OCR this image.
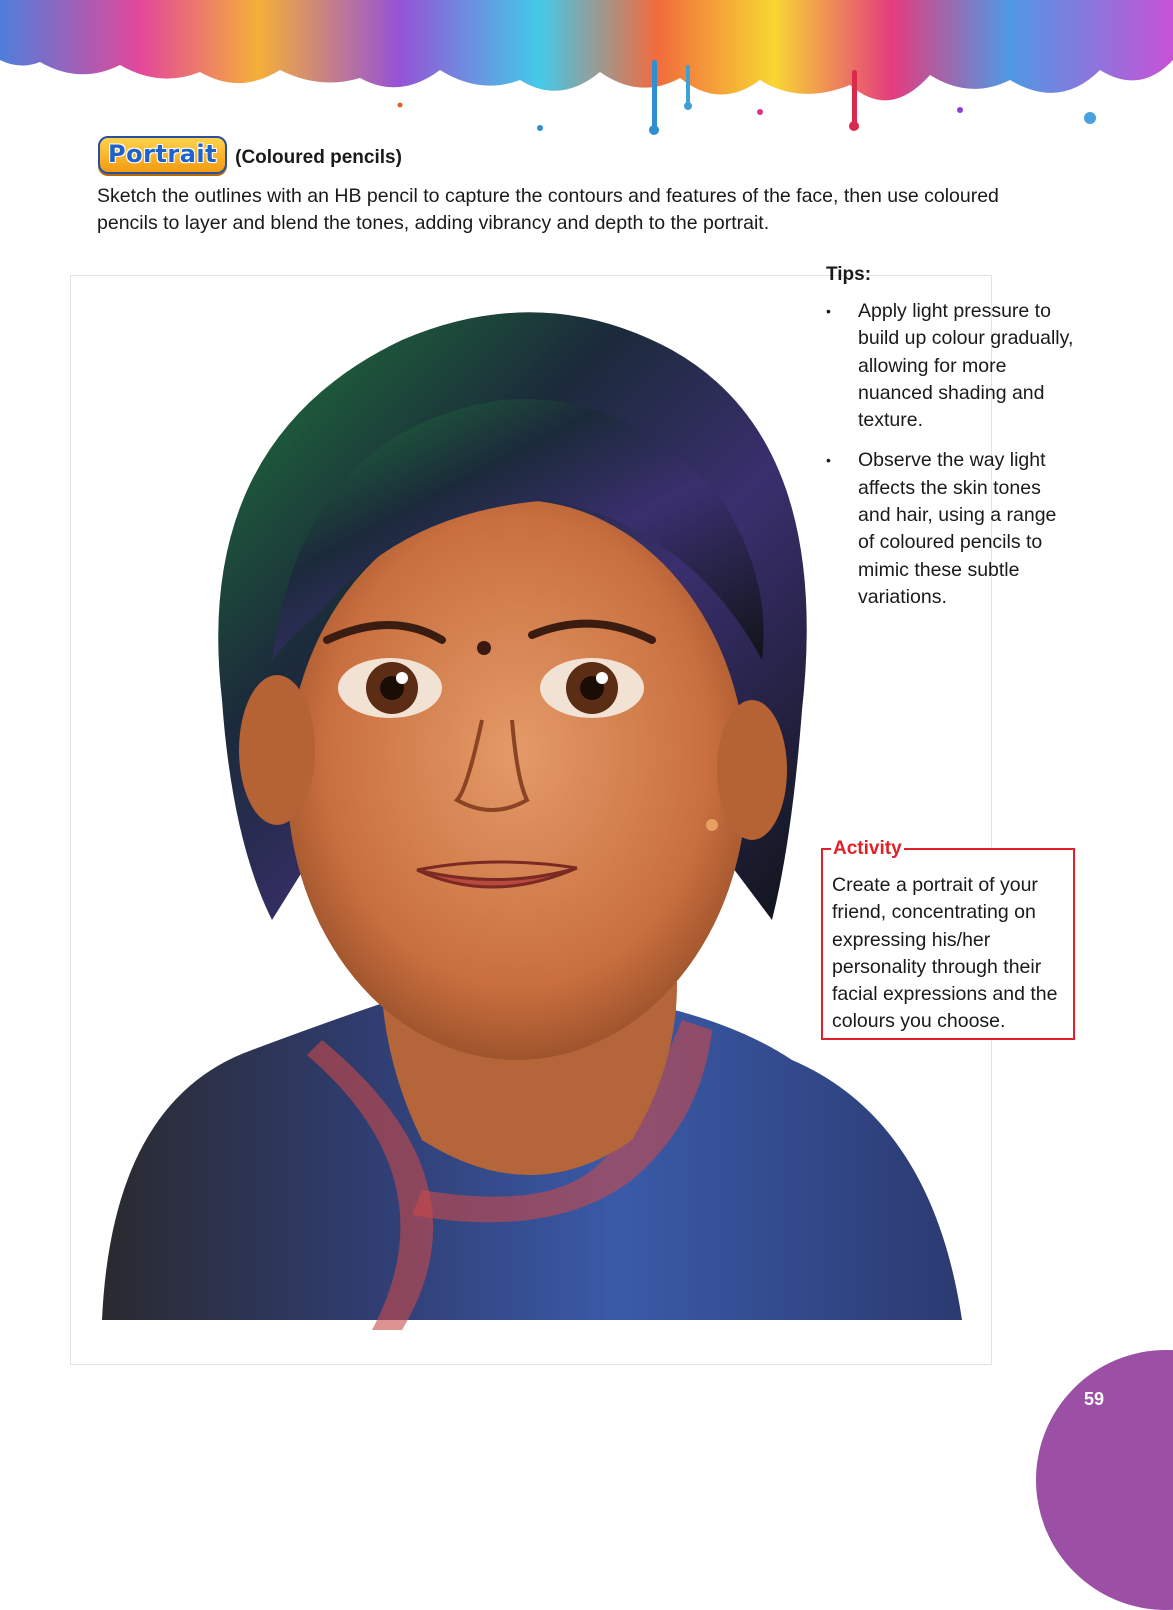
Portrait (Coloured pencils)

Sketch the outlines with an HB pencil to capture the contours and features of the face, then use coloured pencils to layer and blend the tones, adding vibrancy and depth to the portrait.

Tips:
• Apply light pressure to build up colour gradually, allowing for more nuanced shading and texture.
• Observe the way light affects the skin tones and hair, using a range of coloured pencils to mimic these subtle variations.
Activity
Create a portrait of your friend, concentrating on expressing his/her personality through their facial expressions and the colours you choose.
59
